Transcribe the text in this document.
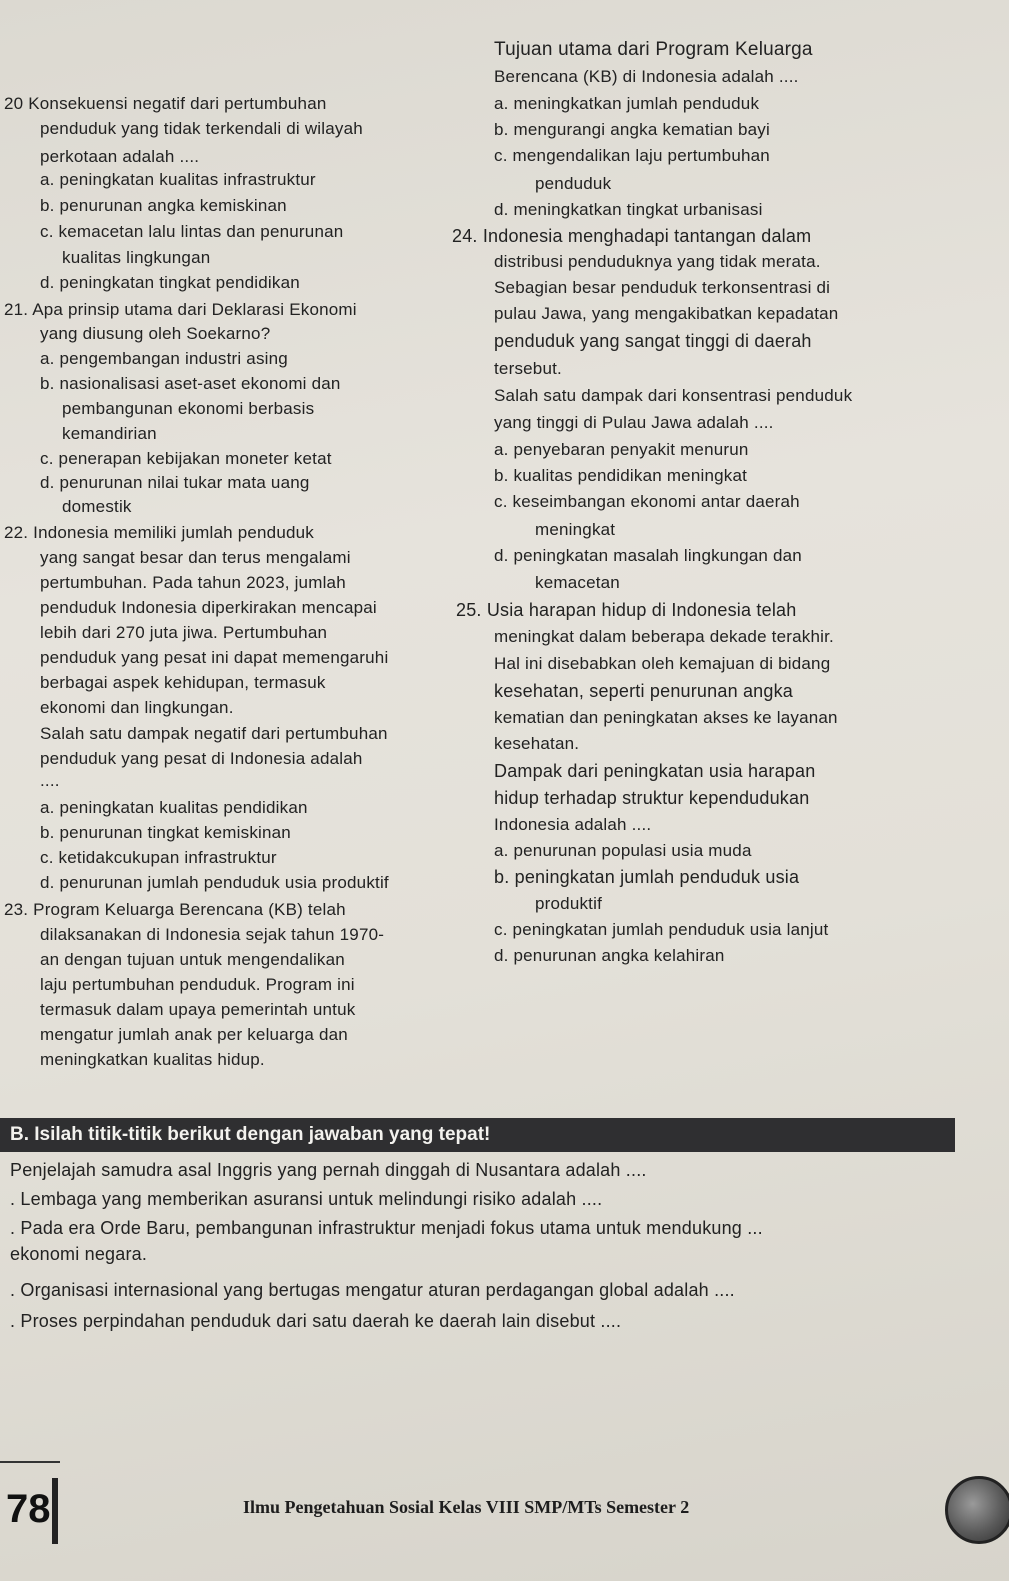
20 Konsekuensi negatif dari pertumbuhan
penduduk yang tidak terkendali di wilayah
perkotaan adalah ....
a. peningkatan kualitas infrastruktur
b. penurunan angka kemiskinan
c. kemacetan lalu lintas dan penurunan
kualitas lingkungan
d. peningkatan tingkat pendidikan
21. Apa prinsip utama dari Deklarasi Ekonomi
yang diusung oleh Soekarno?
a. pengembangan industri asing
b. nasionalisasi aset-aset ekonomi dan
pembangunan ekonomi berbasis
kemandirian
c. penerapan kebijakan moneter ketat
d. penurunan nilai tukar mata uang
domestik
22. Indonesia memiliki jumlah penduduk
yang sangat besar dan terus mengalami
pertumbuhan. Pada tahun 2023, jumlah
penduduk Indonesia diperkirakan mencapai
lebih dari 270 juta jiwa. Pertumbuhan
penduduk yang pesat ini dapat memengaruhi
berbagai aspek kehidupan, termasuk
ekonomi dan lingkungan.
Salah satu dampak negatif dari pertumbuhan
penduduk yang pesat di Indonesia adalah
....
a. peningkatan kualitas pendidikan
b. penurunan tingkat kemiskinan
c. ketidakcukupan infrastruktur
d. penurunan jumlah penduduk usia produktif
23. Program Keluarga Berencana (KB) telah
dilaksanakan di Indonesia sejak tahun 1970-
an dengan tujuan untuk mengendalikan
laju pertumbuhan penduduk. Program ini
termasuk dalam upaya pemerintah untuk
mengatur jumlah anak per keluarga dan
meningkatkan kualitas hidup.
Tujuan utama dari Program Keluarga
Berencana (KB) di Indonesia adalah ....
a. meningkatkan jumlah penduduk
b. mengurangi angka kematian bayi
c. mengendalikan laju pertumbuhan
penduduk
d. meningkatkan tingkat urbanisasi
24. Indonesia menghadapi tantangan dalam
distribusi penduduknya yang tidak merata.
Sebagian besar penduduk terkonsentrasi di
pulau Jawa, yang mengakibatkan kepadatan
penduduk yang sangat tinggi di daerah
tersebut.
Salah satu dampak dari konsentrasi penduduk
yang tinggi di Pulau Jawa adalah ....
a. penyebaran penyakit menurun
b. kualitas pendidikan meningkat
c. keseimbangan ekonomi antar daerah
meningkat
d. peningkatan masalah lingkungan dan
kemacetan
25. Usia harapan hidup di Indonesia telah
meningkat dalam beberapa dekade terakhir.
Hal ini disebabkan oleh kemajuan di bidang
kesehatan, seperti penurunan angka
kematian dan peningkatan akses ke layanan
kesehatan.
Dampak dari peningkatan usia harapan
hidup terhadap struktur kependudukan
Indonesia adalah ....
a. penurunan populasi usia muda
b. peningkatan jumlah penduduk usia
produktif
c. peningkatan jumlah penduduk usia lanjut
d. penurunan angka kelahiran
B. Isilah titik-titik berikut dengan jawaban yang tepat!
Penjelajah samudra asal Inggris yang pernah dinggah di Nusantara adalah ....
. Lembaga yang memberikan asuransi untuk melindungi risiko adalah ....
. Pada era Orde Baru, pembangunan infrastruktur menjadi fokus utama untuk mendukung ...
ekonomi negara.
. Organisasi internasional yang bertugas mengatur aturan perdagangan global adalah ....
. Proses perpindahan penduduk dari satu daerah ke daerah lain disebut ....
78	Ilmu Pengetahuan Sosial Kelas VIII SMP/MTs Semester 2
